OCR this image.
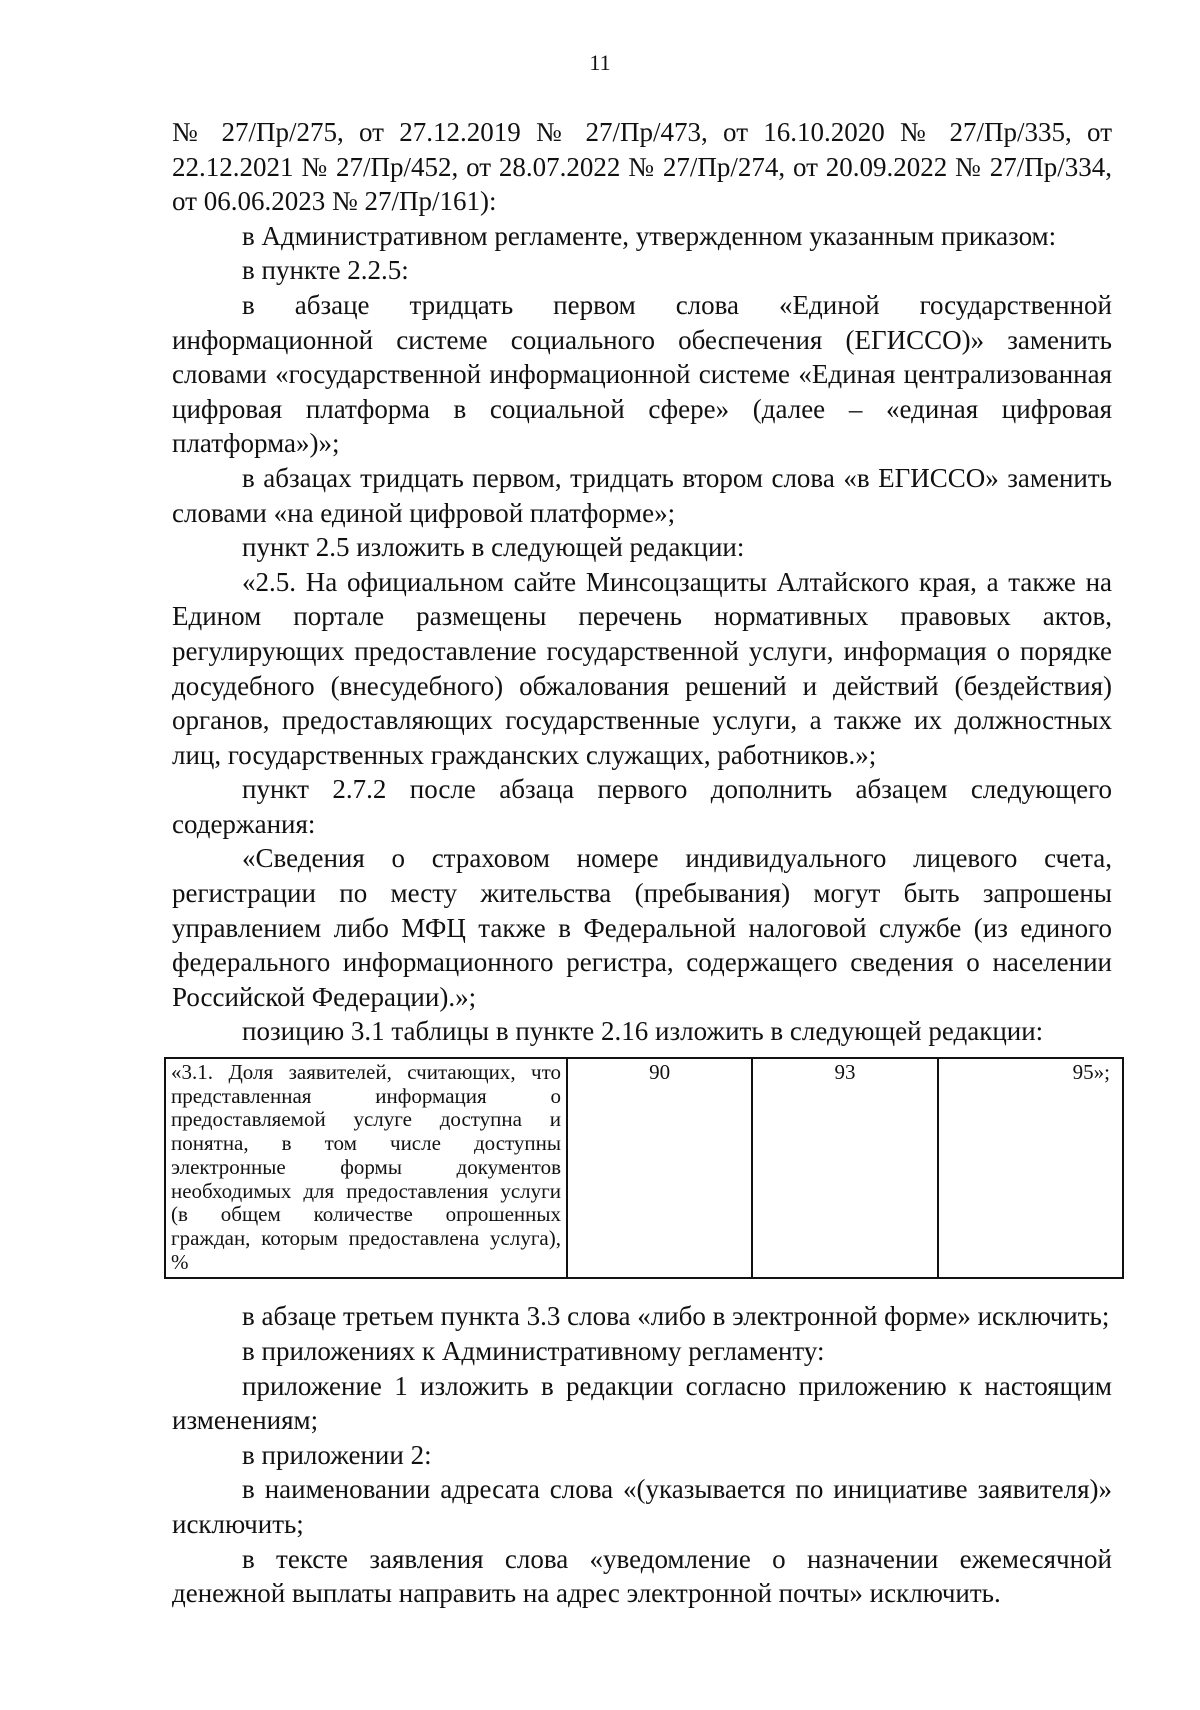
11

№ 27/Пр/275, от 27.12.2019 № 27/Пр/473, от 16.10.2020 № 27/Пр/335, от 22.12.2021 № 27/Пр/452, от 28.07.2022 № 27/Пр/274, от 20.09.2022 № 27/Пр/334, от 06.06.2023 № 27/Пр/161):

в Административном регламенте, утвержденном указанным приказом:

в пункте 2.2.5:

в абзаце тридцать первом слова «Единой государственной информационной системе социального обеспечения (ЕГИССО)» заменить словами «государственной информационной системе «Единая централизованная цифровая платформа в социальной сфере» (далее – «единая цифровая платформа»)»;

в абзацах тридцать первом, тридцать втором слова «в ЕГИССО» заменить словами «на единой цифровой платформе»;

пункт 2.5 изложить в следующей редакции:

«2.5. На официальном сайте Минсоцзащиты Алтайского края, а также на Едином портале размещены перечень нормативных правовых актов, регулирующих предоставление государственной услуги, информация о порядке досудебного (внесудебного) обжалования решений и действий (бездействия) органов, предоставляющих государственные услуги, а также их должностных лиц, государственных гражданских служащих, работников.»;

пункт 2.7.2 после абзаца первого дополнить абзацем следующего содержания:

«Сведения о страховом номере индивидуального лицевого счета, регистрации по месту жительства (пребывания) могут быть запрошены управлением либо МФЦ также в Федеральной налоговой службе (из единого федерального информационного регистра, содержащего сведения о населении Российской Федерации).»;

позицию 3.1 таблицы в пункте 2.16 изложить в следующей редакции:

«3.1. Доля заявителей, считающих, что представленная информация о предоставляемой услуге доступна и понятна, в том числе доступны электронные формы документов необходимых для предоставления услуги (в общем количестве опрошенных граждан, которым предоставлена услуга), %	90	93	95»;

в абзаце третьем пункта 3.3 слова «либо в электронной форме» исключить;

в приложениях к Административному регламенту:

приложение 1 изложить в редакции согласно приложению к настоящим изменениям;

в приложении 2:

в наименовании адресата слова «(указывается по инициативе заявителя)» исключить;

в тексте заявления слова «уведомление о назначении ежемесячной денежной выплаты направить на адрес электронной почты» исключить.
